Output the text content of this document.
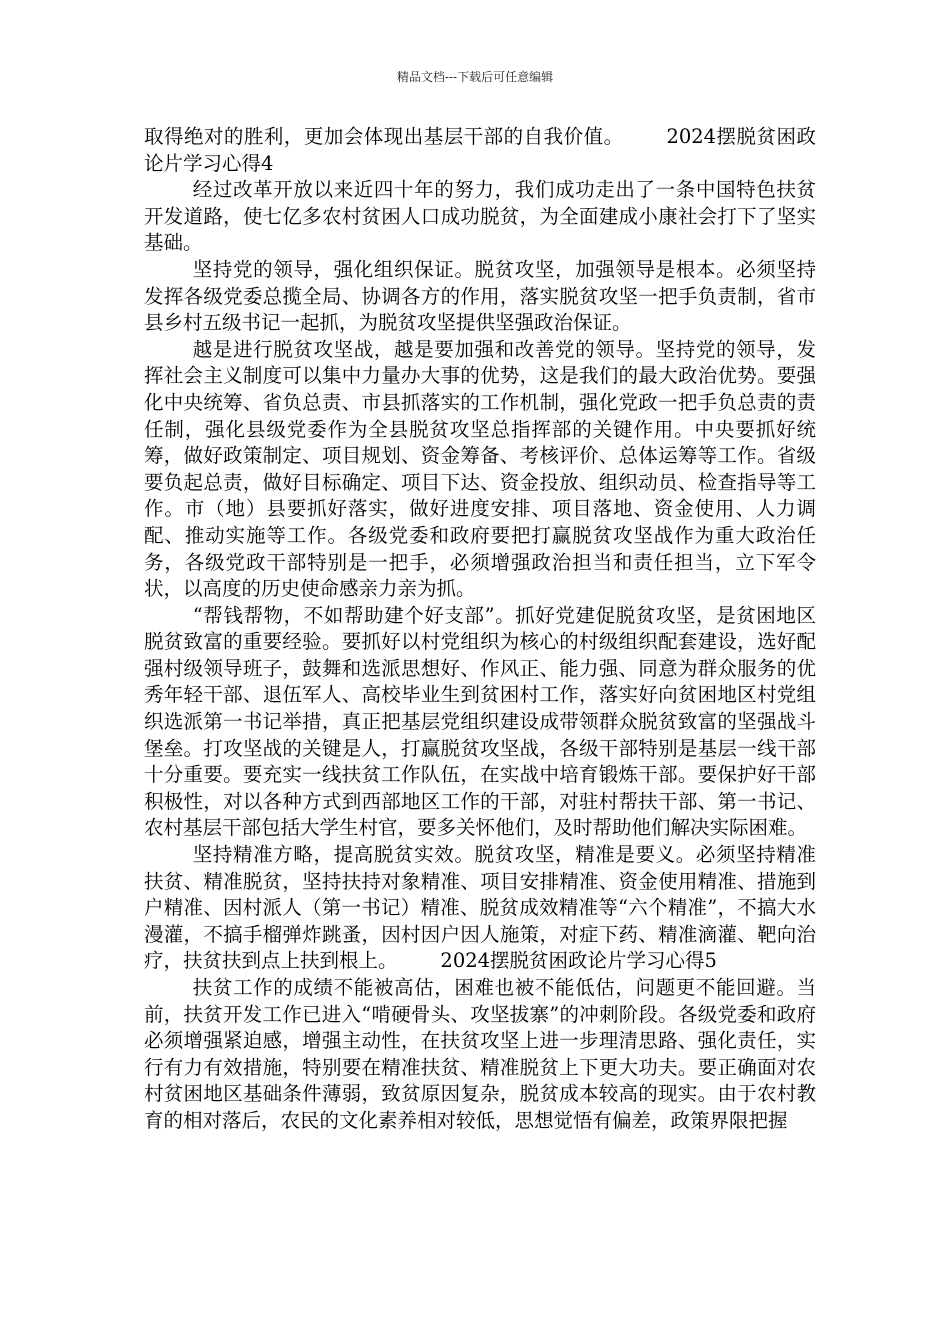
精品文档---下载后可任意编辑

取得绝对的胜利，更加会体现出基层干部的自我价值。 2024摆脱贫困政论片学习心得4

经过改革开放以来近四十年的努力，我们成功走出了一条中国特色扶贫开发道路，使七亿多农村贫困人口成功脱贫，为全面建成小康社会打下了坚实基础。

坚持党的领导，强化组织保证。脱贫攻坚，加强领导是根本。必须坚持发挥各级党委总揽全局、协调各方的作用，落实脱贫攻坚一把手负责制，省市县乡村五级书记一起抓，为脱贫攻坚提供坚强政治保证。

越是进行脱贫攻坚战，越是要加强和改善党的领导。坚持党的领导，发挥社会主义制度可以集中力量办大事的优势，这是我们的最大政治优势。要强化中央统筹、省负总责、市县抓落实的工作机制，强化党政一把手负总责的责任制，强化县级党委作为全县脱贫攻坚总指挥部的关键作用。中央要抓好统筹，做好政策制定、项目规划、资金筹备、考核评价、总体运筹等工作。省级要负起总责，做好目标确定、项目下达、资金投放、组织动员、检查指导等工作。市（地）县要抓好落实，做好进度安排、项目落地、资金使用、人力调配、推动实施等工作。各级党委和政府要把打赢脱贫攻坚战作为重大政治任务，各级党政干部特别是一把手，必须增强政治担当和责任担当，立下军令状，以高度的历史使命感亲力亲为抓。

“帮钱帮物，不如帮助建个好支部”。抓好党建促脱贫攻坚，是贫困地区脱贫致富的重要经验。要抓好以村党组织为核心的村级组织配套建设，选好配强村级领导班子，鼓舞和选派思想好、作风正、能力强、同意为群众服务的优秀年轻干部、退伍军人、高校毕业生到贫困村工作，落实好向贫困地区村党组织选派第一书记举措，真正把基层党组织建设成带领群众脱贫致富的坚强战斗堡垒。打攻坚战的关键是人，打赢脱贫攻坚战，各级干部特别是基层一线干部十分重要。要充实一线扶贫工作队伍，在实战中培育锻炼干部。要保护好干部积极性，对以各种方式到西部地区工作的干部，对驻村帮扶干部、第一书记、农村基层干部包括大学生村官，要多关怀他们，及时帮助他们解决实际困难。

坚持精准方略，提高脱贫实效。脱贫攻坚，精准是要义。必须坚持精准扶贫、精准脱贫，坚持扶持对象精准、项目安排精准、资金使用精准、措施到户精准、因村派人（第一书记）精准、脱贫成效精准等“六个精准”，不搞大水漫灌，不搞手榴弹炸跳蚤，因村因户因人施策，对症下药、精准滴灌、靶向治疗，扶贫扶到点上扶到根上。 2024摆脱贫困政论片学习心得5

扶贫工作的成绩不能被高估，困难也被不能低估，问题更不能回避。当前，扶贫开发工作已进入“啃硬骨头、攻坚拔寨”的冲刺阶段。各级党委和政府必须增强紧迫感，增强主动性，在扶贫攻坚上进一步理清思路、强化责任，实行有力有效措施，特别要在精准扶贫、精准脱贫上下更大功夫。要正确面对农村贫困地区基础条件薄弱，致贫原因复杂，脱贫成本较高的现实。由于农村教育的相对落后，农民的文化素养相对较低，思想觉悟有偏差，政策界限把握
